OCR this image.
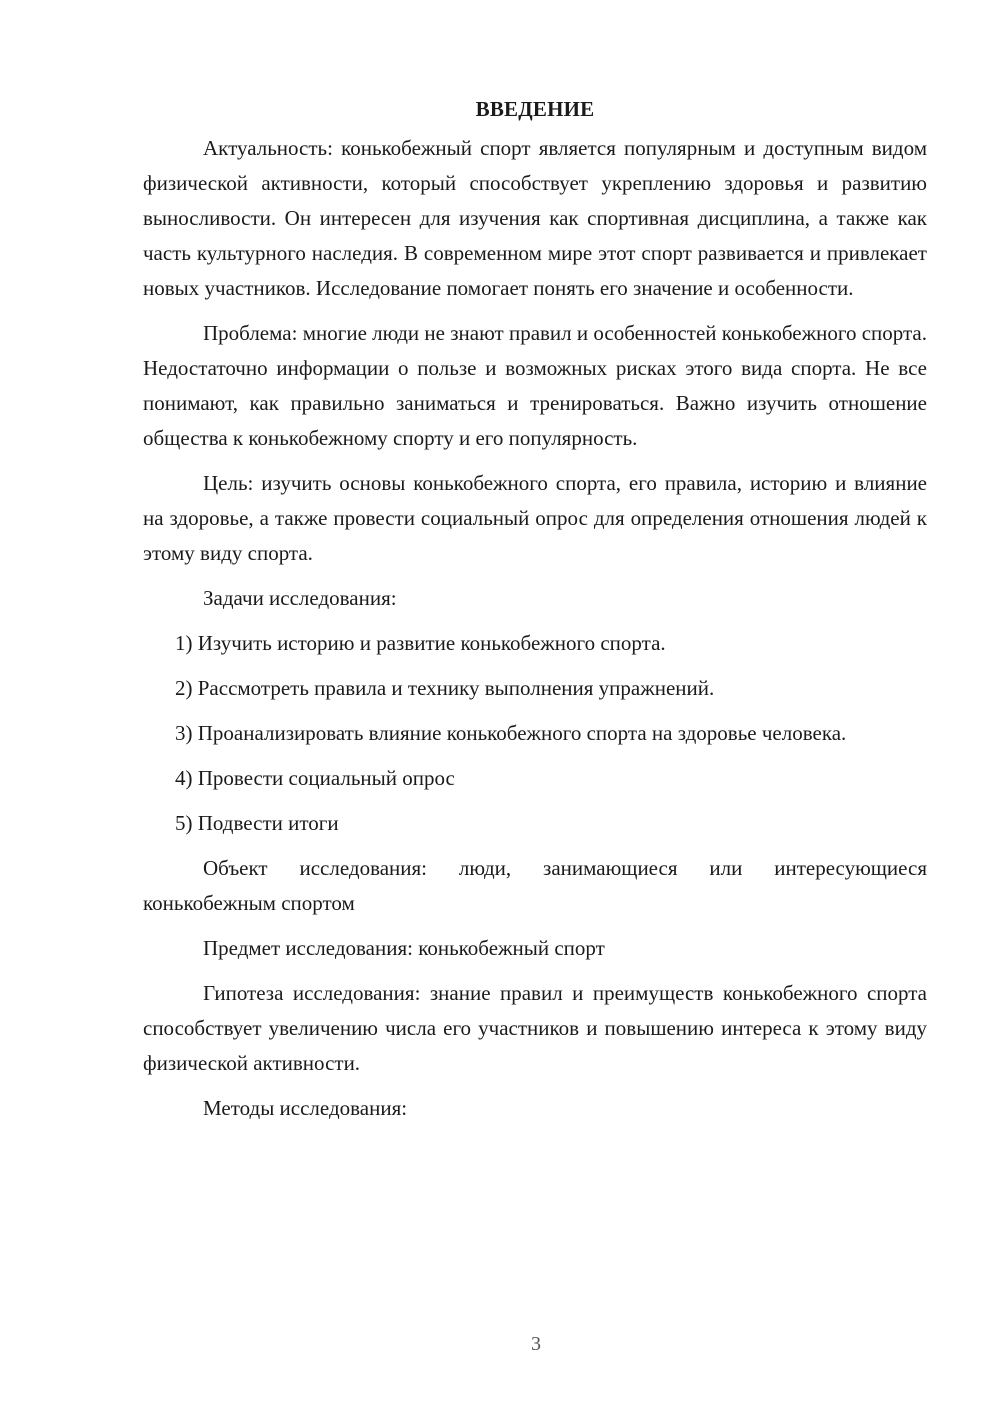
ВВЕДЕНИЕ

Актуальность: конькобежный спорт является популярным и доступным видом физической активности, который способствует укреплению здоровья и развитию выносливости. Он интересен для изучения как спортивная дисциплина, а также как часть культурного наследия. В современном мире этот спорт развивается и привлекает новых участников. Исследование помогает понять его значение и особенности.

Проблема: многие люди не знают правил и особенностей конькобежного спорта. Недостаточно информации о пользе и возможных рисках этого вида спорта. Не все понимают, как правильно заниматься и тренироваться. Важно изучить отношение общества к конькобежному спорту и его популярность.

Цель: изучить основы конькобежного спорта, его правила, историю и влияние на здоровье, а также провести социальный опрос для определения отношения людей к этому виду спорта.

Задачи исследования:

1) Изучить историю и развитие конькобежного спорта.

2) Рассмотреть правила и технику выполнения упражнений.

3) Проанализировать влияние конькобежного спорта на здоровье человека.

4) Провести социальный опрос

5) Подвести итоги

Объект исследования: люди, занимающиеся или интересующиеся конькобежным спортом

Предмет исследования: конькобежный спорт

Гипотеза исследования: знание правил и преимуществ конькобежного спорта способствует увеличению числа его участников и повышению интереса к этому виду физической активности.

Методы исследования:

3
